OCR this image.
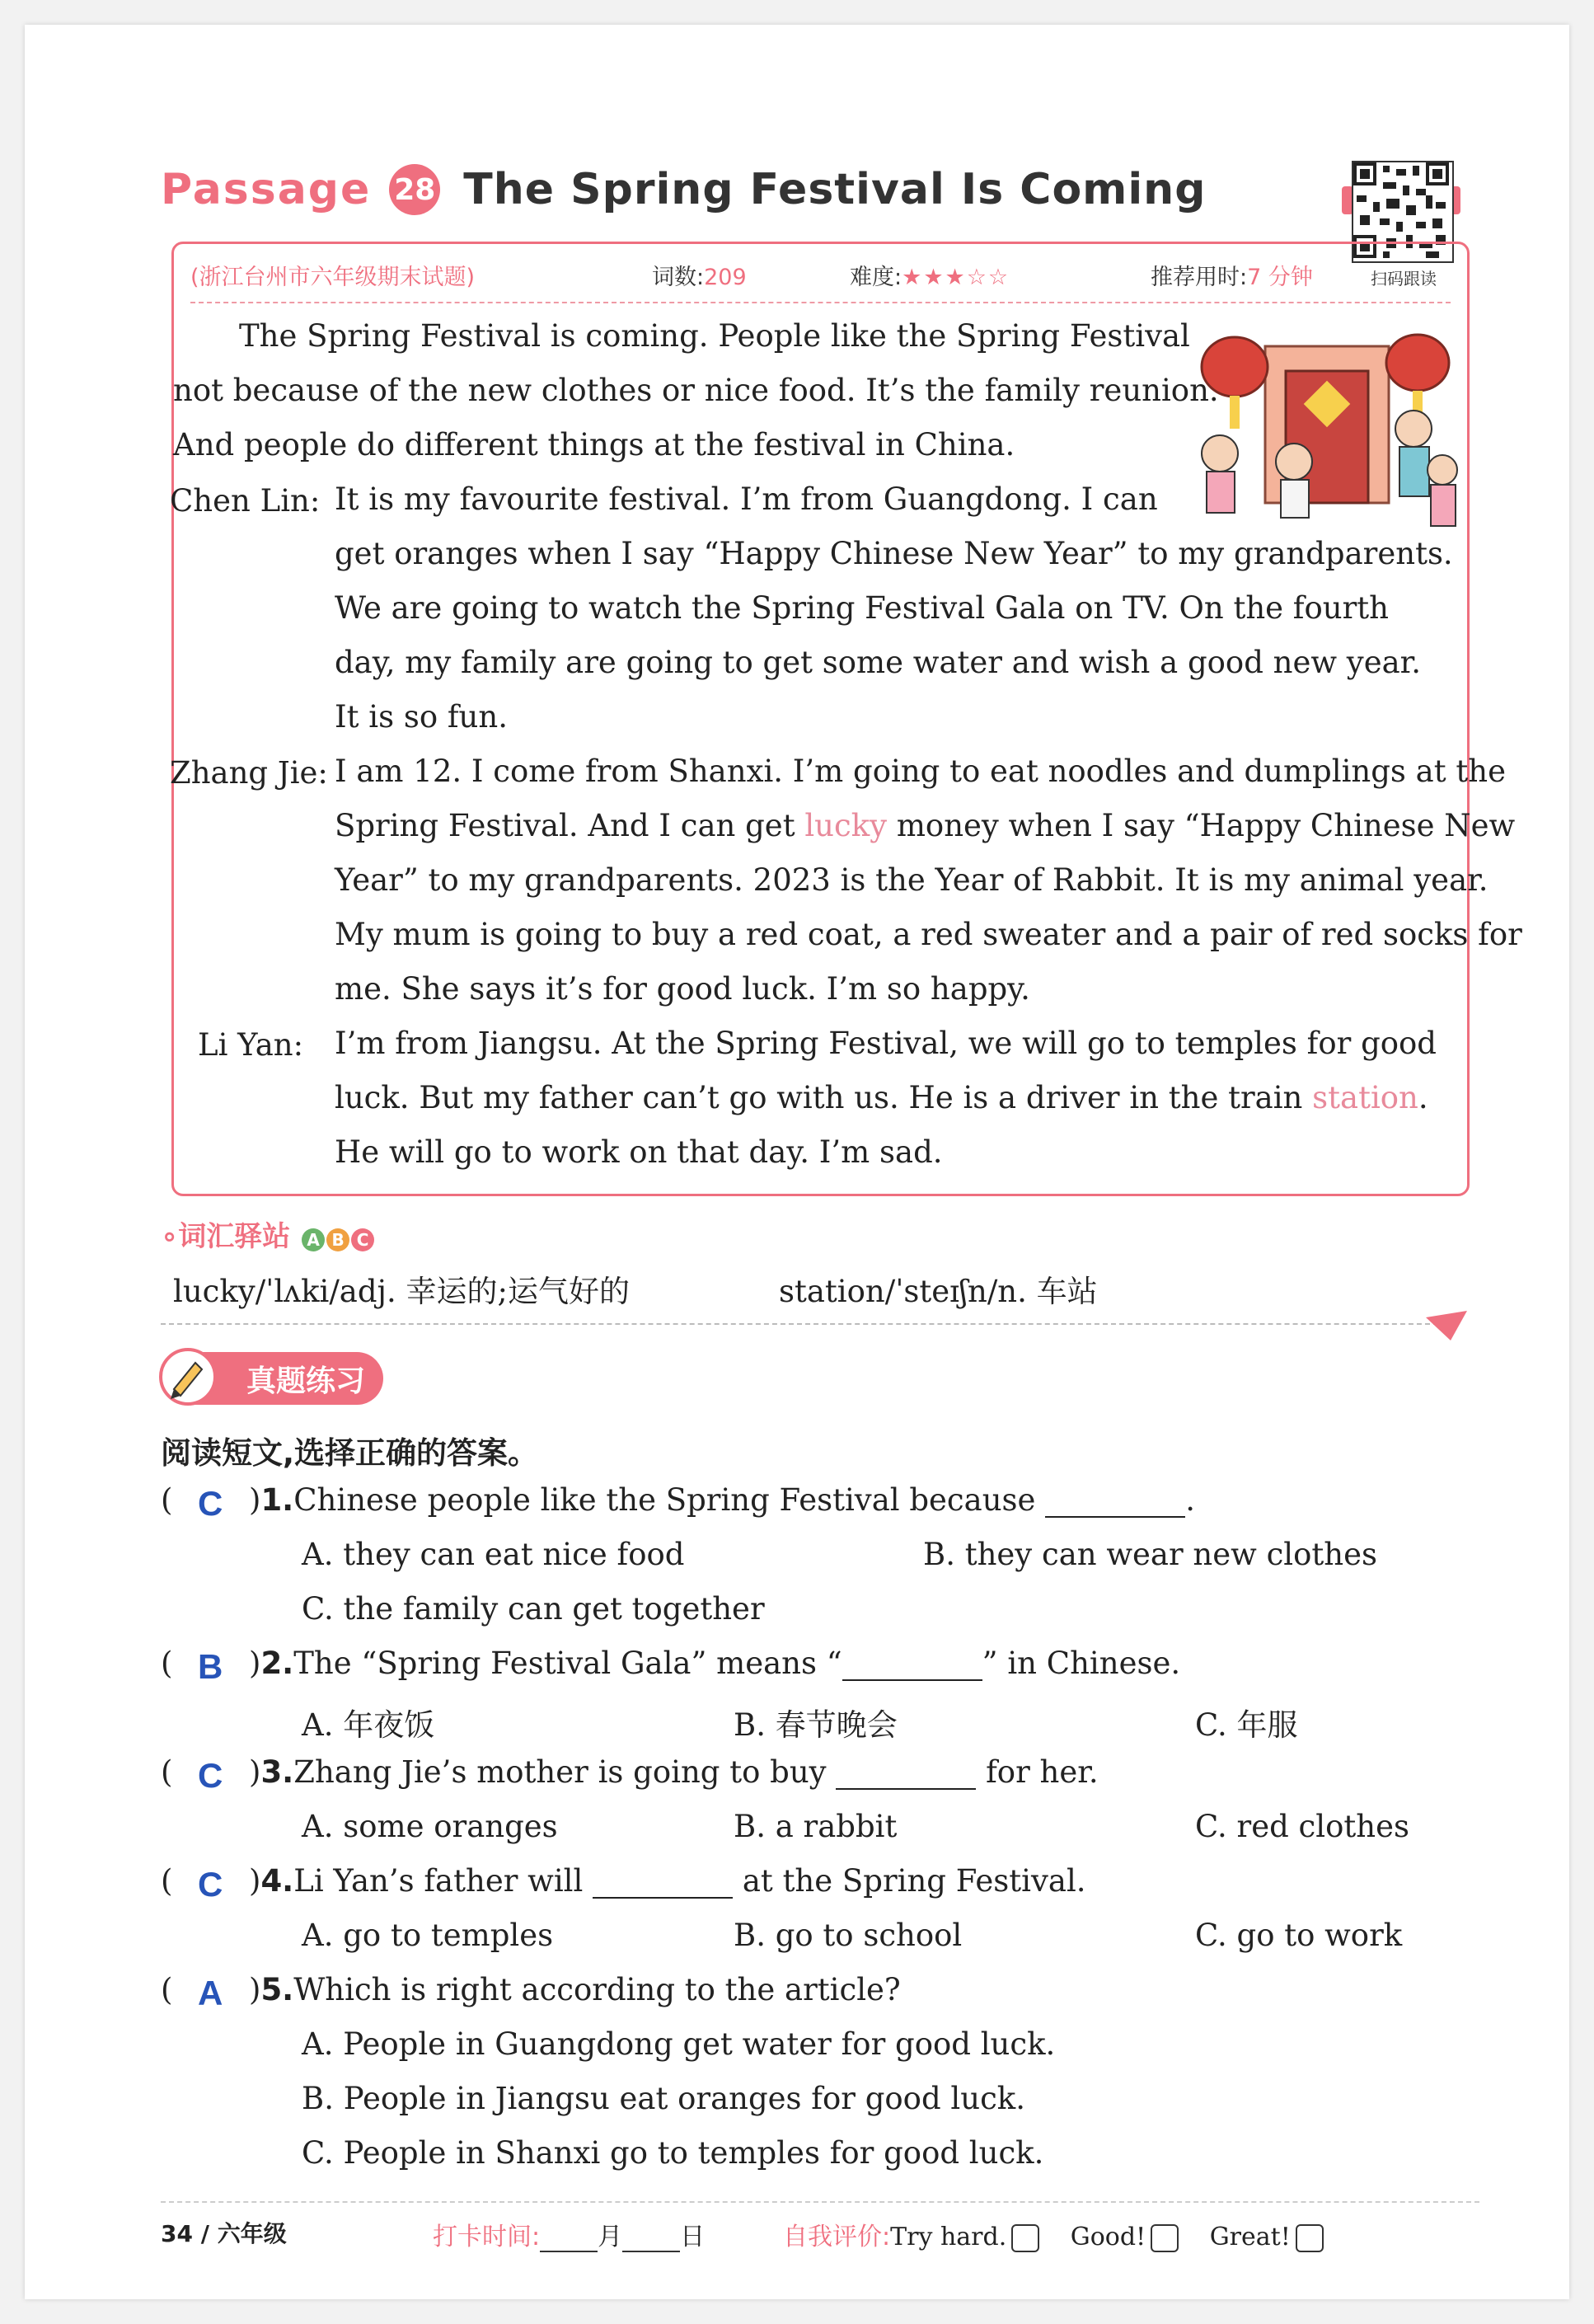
Passage 28 The Spring Festival Is Coming
扫码跟读
(浙江台州市六年级期末试题)	词数:209	难度:★★★☆☆	推荐用时:7 分钟
The Spring Festival is coming. People like the Spring Festival
not because of the new clothes or nice food. It’s the family reunion.
And people do different things at the festival in China.
Chen Lin: It is my favourite festival. I’m from Guangdong. I can
get oranges when I say “Happy Chinese New Year” to my grandparents.
We are going to watch the Spring Festival Gala on TV. On the fourth
day, my family are going to get some water and wish a good new year.
It is so fun.
Zhang Jie: I am 12. I come from Shanxi. I’m going to eat noodles and dumplings at the
Spring Festival. And I can get lucky money when I say “Happy Chinese New
Year” to my grandparents. 2023 is the Year of Rabbit. It is my animal year.
My mum is going to buy a red coat, a red sweater and a pair of red socks for
me. She says it’s for good luck. I’m so happy.
Li Yan: I’m from Jiangsu. At the Spring Festival, we will go to temples for good
luck. But my father can’t go with us. He is a driver in the train station.
He will go to work on that day. I’m sad.
∘词汇驿站 A B C
lucky/ˈlʌki/adj. 幸运的;运气好的	station/ˈsteɪʃn/n. 车站
真题练习
阅读短文,选择正确的答案。
( C )1.Chinese people like the Spring Festival because	.
A. they can eat nice food	B. they can wear new clothes
C. the family can get together
( B )2.The “Spring Festival Gala” means “	” in Chinese.
A. 年夜饭	B. 春节晚会	C. 年服
( C )3.Zhang Jie’s mother is going to buy	for her.
A. some oranges	B. a rabbit	C. red clothes
( C )4.Li Yan’s father will	at the Spring Festival.
A. go to temples	B. go to school	C. go to work
( A )5.Which is right according to the article?
A. People in Guangdong get water for good luck.
B. People in Jiangsu eat oranges for good luck.
C. People in Shanxi go to temples for good luck.
34 / 六年级	打卡时间: 月 日	自我评价:Try hard.	Good!	Great!
